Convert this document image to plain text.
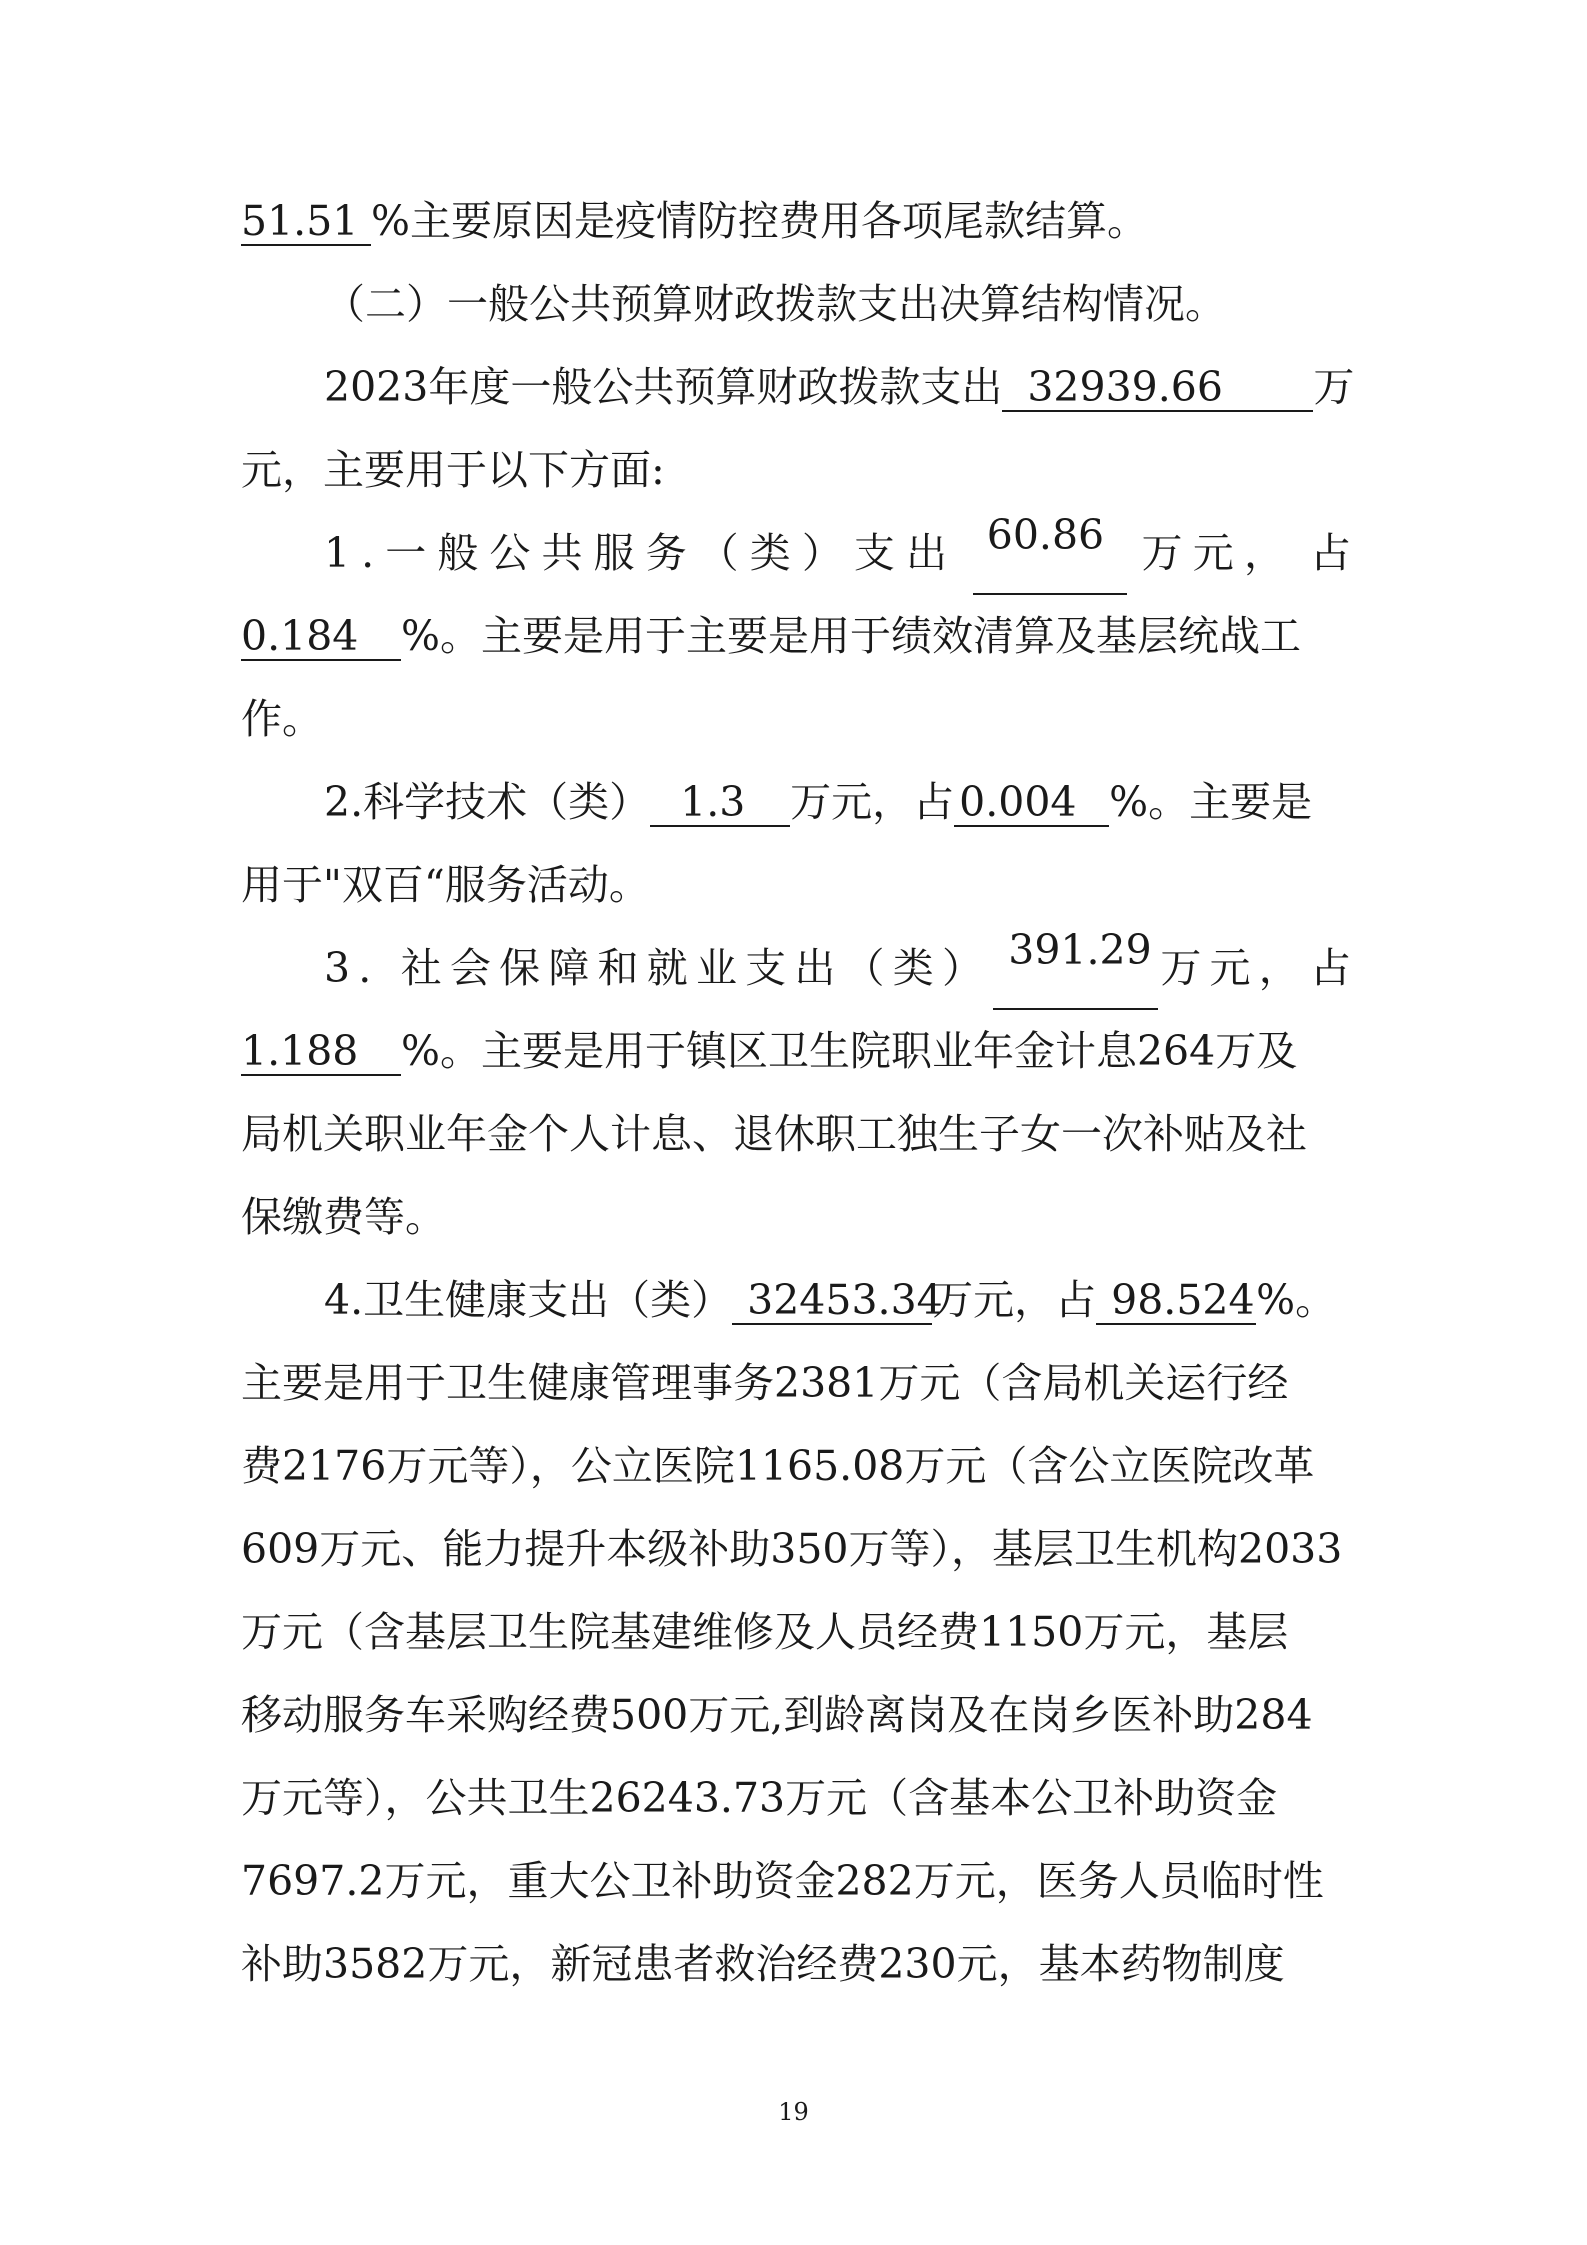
51.51 %主要原因是疫情防控费用各项尾款结算。
（二）一般公共预算财政拨款支出决算结构情况。
2023年度一般公共预算财政拨款支出 32939.66 万
元，主要用于以下方面:
1.一般公共服务（类）支出 60.86 万元， 占
0.184 %。主要是用于主要是用于绩效清算及基层统战工
作。
2.科学技术（类） 1.3 万元，占 0.004 %。主要是
用于"双百“服务活动。
3. 社会保障和就业支出（类） 391.29 万元， 占
1.188 %。主要是用于镇区卫生院职业年金计息264万及
局机关职业年金个人计息、退休职工独生子女一次补贴及社
保缴费等。
4.卫生健康支出（类） 32453.34万元，占 98.524%。
主要是用于卫生健康管理事务2381万元（含局机关运行经
费2176万元等），公立医院1165.08万元（含公立医院改革
609万元、能力提升本级补助350万等），基层卫生机构2033
万元（含基层卫生院基建维修及人员经费1150万元，基层
移动服务车采购经费500万元,到龄离岗及在岗乡医补助284
万元等），公共卫生26243.73万元（含基本公卫补助资金
7697.2万元，重大公卫补助资金282万元，医务人员临时性
补助3582万元，新冠患者救治经费230元，基本药物制度
19
